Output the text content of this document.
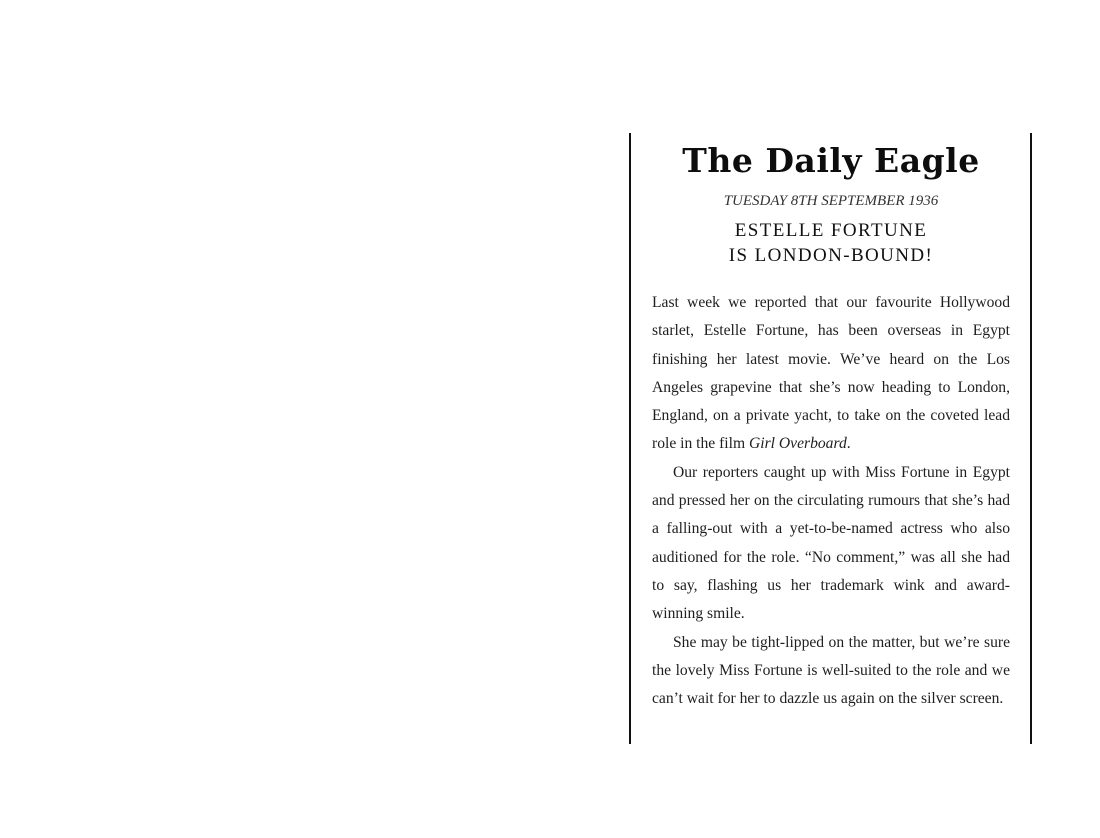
The Daily Eagle
TUESDAY 8TH SEPTEMBER 1936
ESTELLE FORTUNE
IS LONDON-BOUND!

Last week we reported that our favourite Hollywood starlet, Estelle Fortune, has been overseas in Egypt finishing her latest movie. We’ve heard on the Los Angeles grapevine that she’s now heading to London, England, on a private yacht, to take on the coveted lead role in the film Girl Overboard.

Our reporters caught up with Miss Fortune in Egypt and pressed her on the circulating rumours that she’s had a falling-out with a yet-to-be-named actress who also auditioned for the role. “No comment,” was all she had to say, flashing us her trademark wink and award-winning smile.

She may be tight-lipped on the matter, but we’re sure the lovely Miss Fortune is well-suited to the role and we can’t wait for her to dazzle us again on the silver screen.
